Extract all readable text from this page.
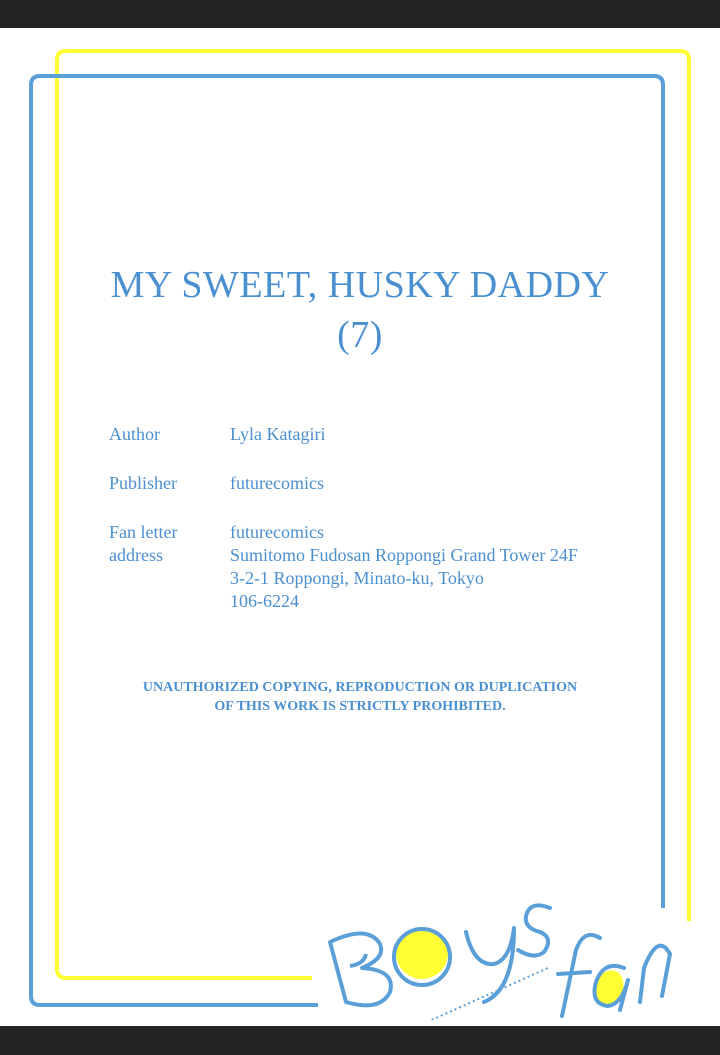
MY SWEET, HUSKY DADDY
(7)
Author	Lyla Katagiri
Publisher	futurecomics
Fan letter
address
futurecomics
Sumitomo Fudosan Roppongi Grand Tower 24F
3-2-1 Roppongi, Minato-ku, Tokyo
106-6224
UNAUTHORIZED COPYING, REPRODUCTION OR DUPLICATION
OF THIS WORK IS STRICTLY PROHIBITED.
